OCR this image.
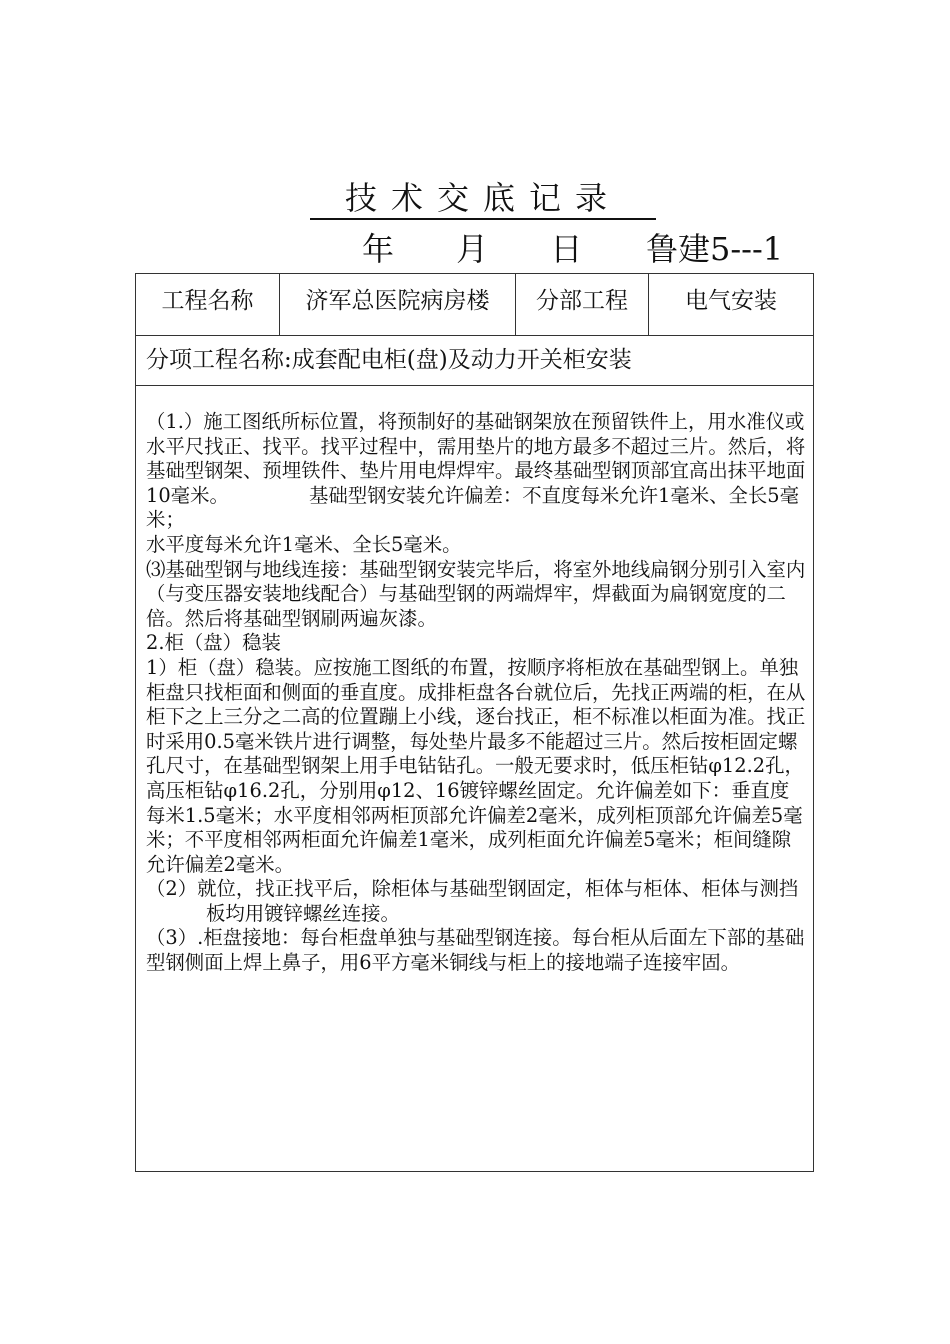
技术交底记录
年 月 日 鲁建5---1
工程名称	济军总医院病房楼	分部工程	电气安装
分项工程名称:成套配电柜(盘)及动力开关柜安装

（1.）施工图纸所标位置，将预制好的基础钢架放在预留铁件上，用水准仪或水平尺找正、找平。找平过程中，需用垫片的地方最多不超过三片。然后，将基础型钢架、预埋铁件、垫片用电焊焊牢。最终基础型钢顶部宜高出抹平地面10毫米。             基础型钢安装允许偏差：不直度每米允许1毫米、全长5毫米；

水平度每米允许1毫米、全长5毫米。

⑶基础型钢与地线连接：基础型钢安装完毕后，将室外地线扁钢分别引入室内（与变压器安装地线配合）与基础型钢的两端焊牢，焊截面为扁钢宽度的二倍。然后将基础型钢刷两遍灰漆。

2.柜（盘）稳装

1）柜（盘）稳装。应按施工图纸的布置，按顺序将柜放在基础型钢上。单独柜盘只找柜面和侧面的垂直度。成排柜盘各台就位后，先找正两端的柜，在从柜下之上三分之二高的位置蹦上小线，逐台找正，柜不标准以柜面为准。找正时采用0.5毫米铁片进行调整，每处垫片最多不能超过三片。然后按柜固定螺孔尺寸，在基础型钢架上用手电钻钻孔。一般无要求时，低压柜钻φ12.2孔，高压柜钻φ16.2孔，分别用φ12、16镀锌螺丝固定。允许偏差如下：垂直度每米1.5毫米；水平度相邻两柜顶部允许偏差2毫米，成列柜顶部允许偏差5毫米；不平度相邻两柜面允许偏差1毫米，成列柜面允许偏差5毫米；柜间缝隙允许偏差2毫米。

（2）就位，找正找平后，除柜体与基础型钢固定，柜体与柜体、柜体与测挡板均用镀锌螺丝连接。

（3）.柜盘接地：每台柜盘单独与基础型钢连接。每台柜从后面左下部的基础型钢侧面上焊上鼻子，用6平方毫米铜线与柜上的接地端子连接牢固。
